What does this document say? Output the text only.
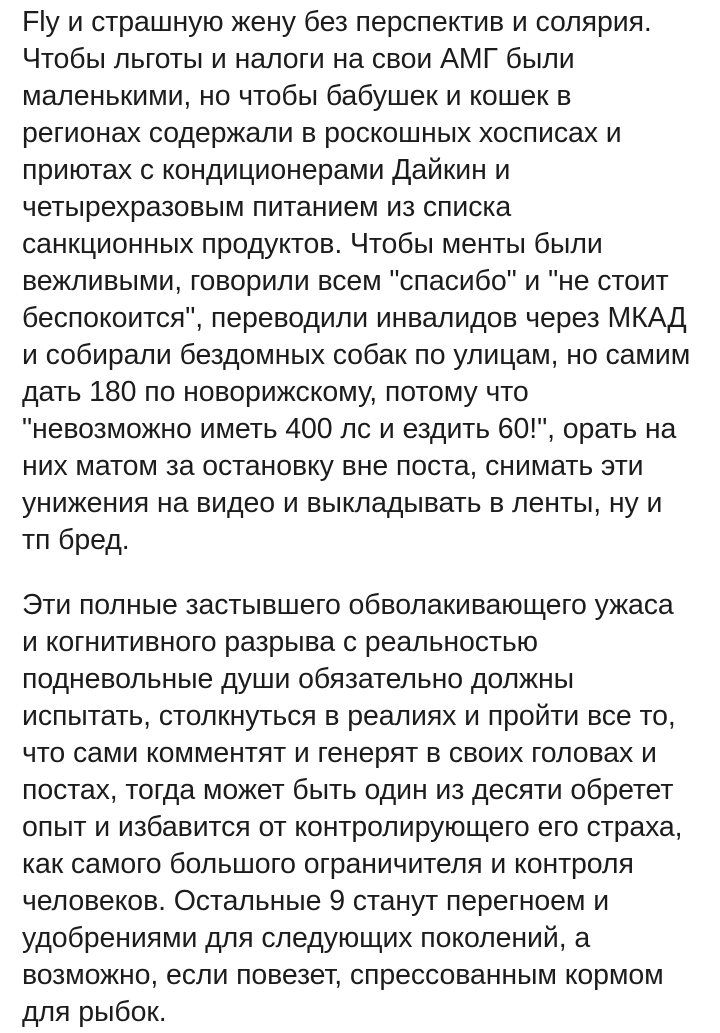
Fly и страшную жену без перспектив и солярия.

Чтобы льготы и налоги на свои АМГ были

маленькими, но чтобы бабушек и кошек в

регионах содержали в роскошных хосписах и

приютах с кондиционерами Дайкин и

четырехразовым питанием из списка

санкционных продуктов. Чтобы менты были

вежливыми, говорили всем "спасибо" и "не стоит

беспокоится", переводили инвалидов через МКАД

и собирали бездомных собак по улицам, но самим

дать 180 по новорижскому, потому что

"невозможно иметь 400 лс и ездить 60!", орать на

них матом за остановку вне поста, снимать эти

унижения на видео и выкладывать в ленты, ну и

тп бред.

Эти полные застывшего обволакивающего ужаса

и когнитивного разрыва с реальностью

подневольные души обязательно должны

испытать, столкнуться в реалиях и пройти все то,

что сами комментят и генерят в своих головах и

постах, тогда может быть один из десяти обретет

опыт и избавится от контролирующего его страха,

как самого большого ограничителя и контроля

человеков. Остальные 9 станут перегноем и

удобрениями для следующих поколений, а

возможно, если повезет, спрессованным кормом

для рыбок.
